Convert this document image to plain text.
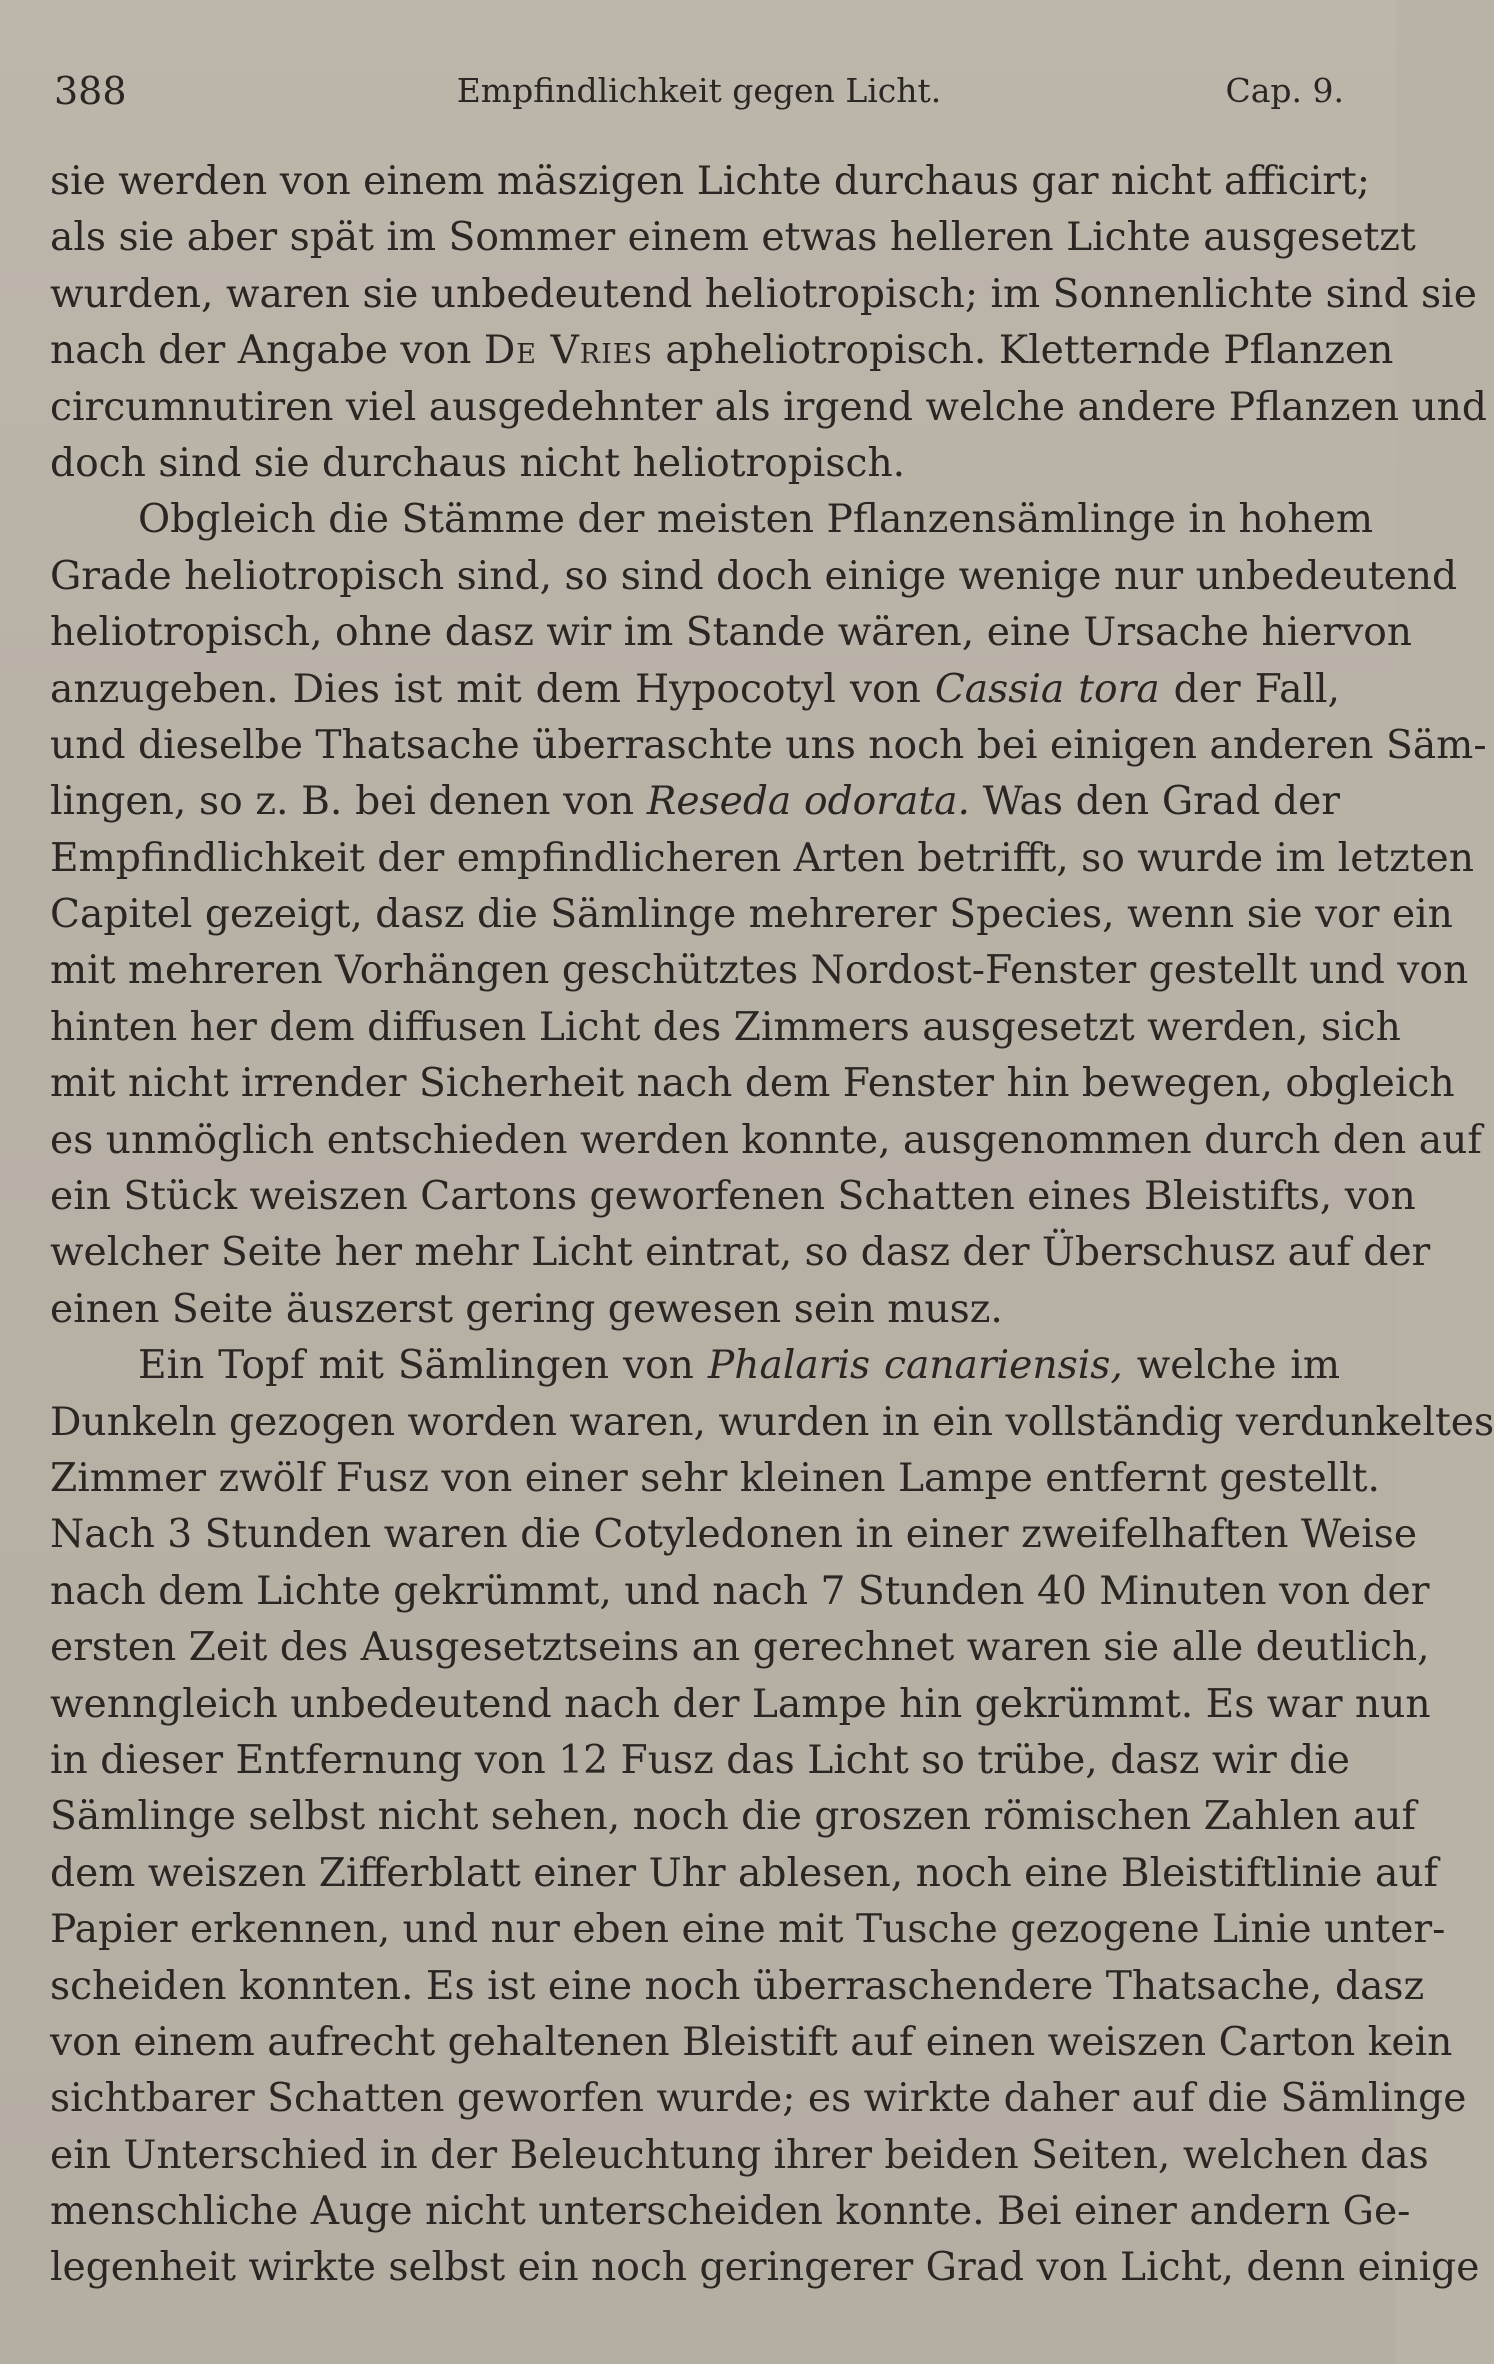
388	Empfindlichkeit gegen Licht.	Cap. 9.
sie werden von einem mäszigen Lichte durchaus gar nicht afficirt;
als sie aber spät im Sommer einem etwas helleren Lichte ausgesetzt
wurden, waren sie unbedeutend heliotropisch; im Sonnenlichte sind sie
nach der Angabe von De Vries apheliotropisch. Kletternde Pflanzen
circumnutiren viel ausgedehnter als irgend welche andere Pflanzen und
doch sind sie durchaus nicht heliotropisch.
Obgleich die Stämme der meisten Pflanzensämlinge in hohem
Grade heliotropisch sind, so sind doch einige wenige nur unbedeutend
heliotropisch, ohne dasz wir im Stande wären, eine Ursache hiervon
anzugeben. Dies ist mit dem Hypocotyl von Cassia tora der Fall,
und dieselbe Thatsache überraschte uns noch bei einigen anderen Säm-
lingen, so z. B. bei denen von Reseda odorata. Was den Grad der
Empfindlichkeit der empfindlicheren Arten betrifft, so wurde im letzten
Capitel gezeigt, dasz die Sämlinge mehrerer Species, wenn sie vor ein
mit mehreren Vorhängen geschütztes Nordost-Fenster gestellt und von
hinten her dem diffusen Licht des Zimmers ausgesetzt werden, sich
mit nicht irrender Sicherheit nach dem Fenster hin bewegen, obgleich
es unmöglich entschieden werden konnte, ausgenommen durch den auf
ein Stück weiszen Cartons geworfenen Schatten eines Bleistifts, von
welcher Seite her mehr Licht eintrat, so dasz der Überschusz auf der
einen Seite äuszerst gering gewesen sein musz.
Ein Topf mit Sämlingen von Phalaris canariensis, welche im
Dunkeln gezogen worden waren, wurden in ein vollständig verdunkeltes
Zimmer zwölf Fusz von einer sehr kleinen Lampe entfernt gestellt.
Nach 3 Stunden waren die Cotyledonen in einer zweifelhaften Weise
nach dem Lichte gekrümmt, und nach 7 Stunden 40 Minuten von der
ersten Zeit des Ausgesetztseins an gerechnet waren sie alle deutlich,
wenngleich unbedeutend nach der Lampe hin gekrümmt. Es war nun
in dieser Entfernung von 12 Fusz das Licht so trübe, dasz wir die
Sämlinge selbst nicht sehen, noch die groszen römischen Zahlen auf
dem weiszen Zifferblatt einer Uhr ablesen, noch eine Bleistiftlinie auf
Papier erkennen, und nur eben eine mit Tusche gezogene Linie unter-
scheiden konnten. Es ist eine noch überraschendere Thatsache, dasz
von einem aufrecht gehaltenen Bleistift auf einen weiszen Carton kein
sichtbarer Schatten geworfen wurde; es wirkte daher auf die Sämlinge
ein Unterschied in der Beleuchtung ihrer beiden Seiten, welchen das
menschliche Auge nicht unterscheiden konnte. Bei einer andern Ge-
legenheit wirkte selbst ein noch geringerer Grad von Licht, denn einige
